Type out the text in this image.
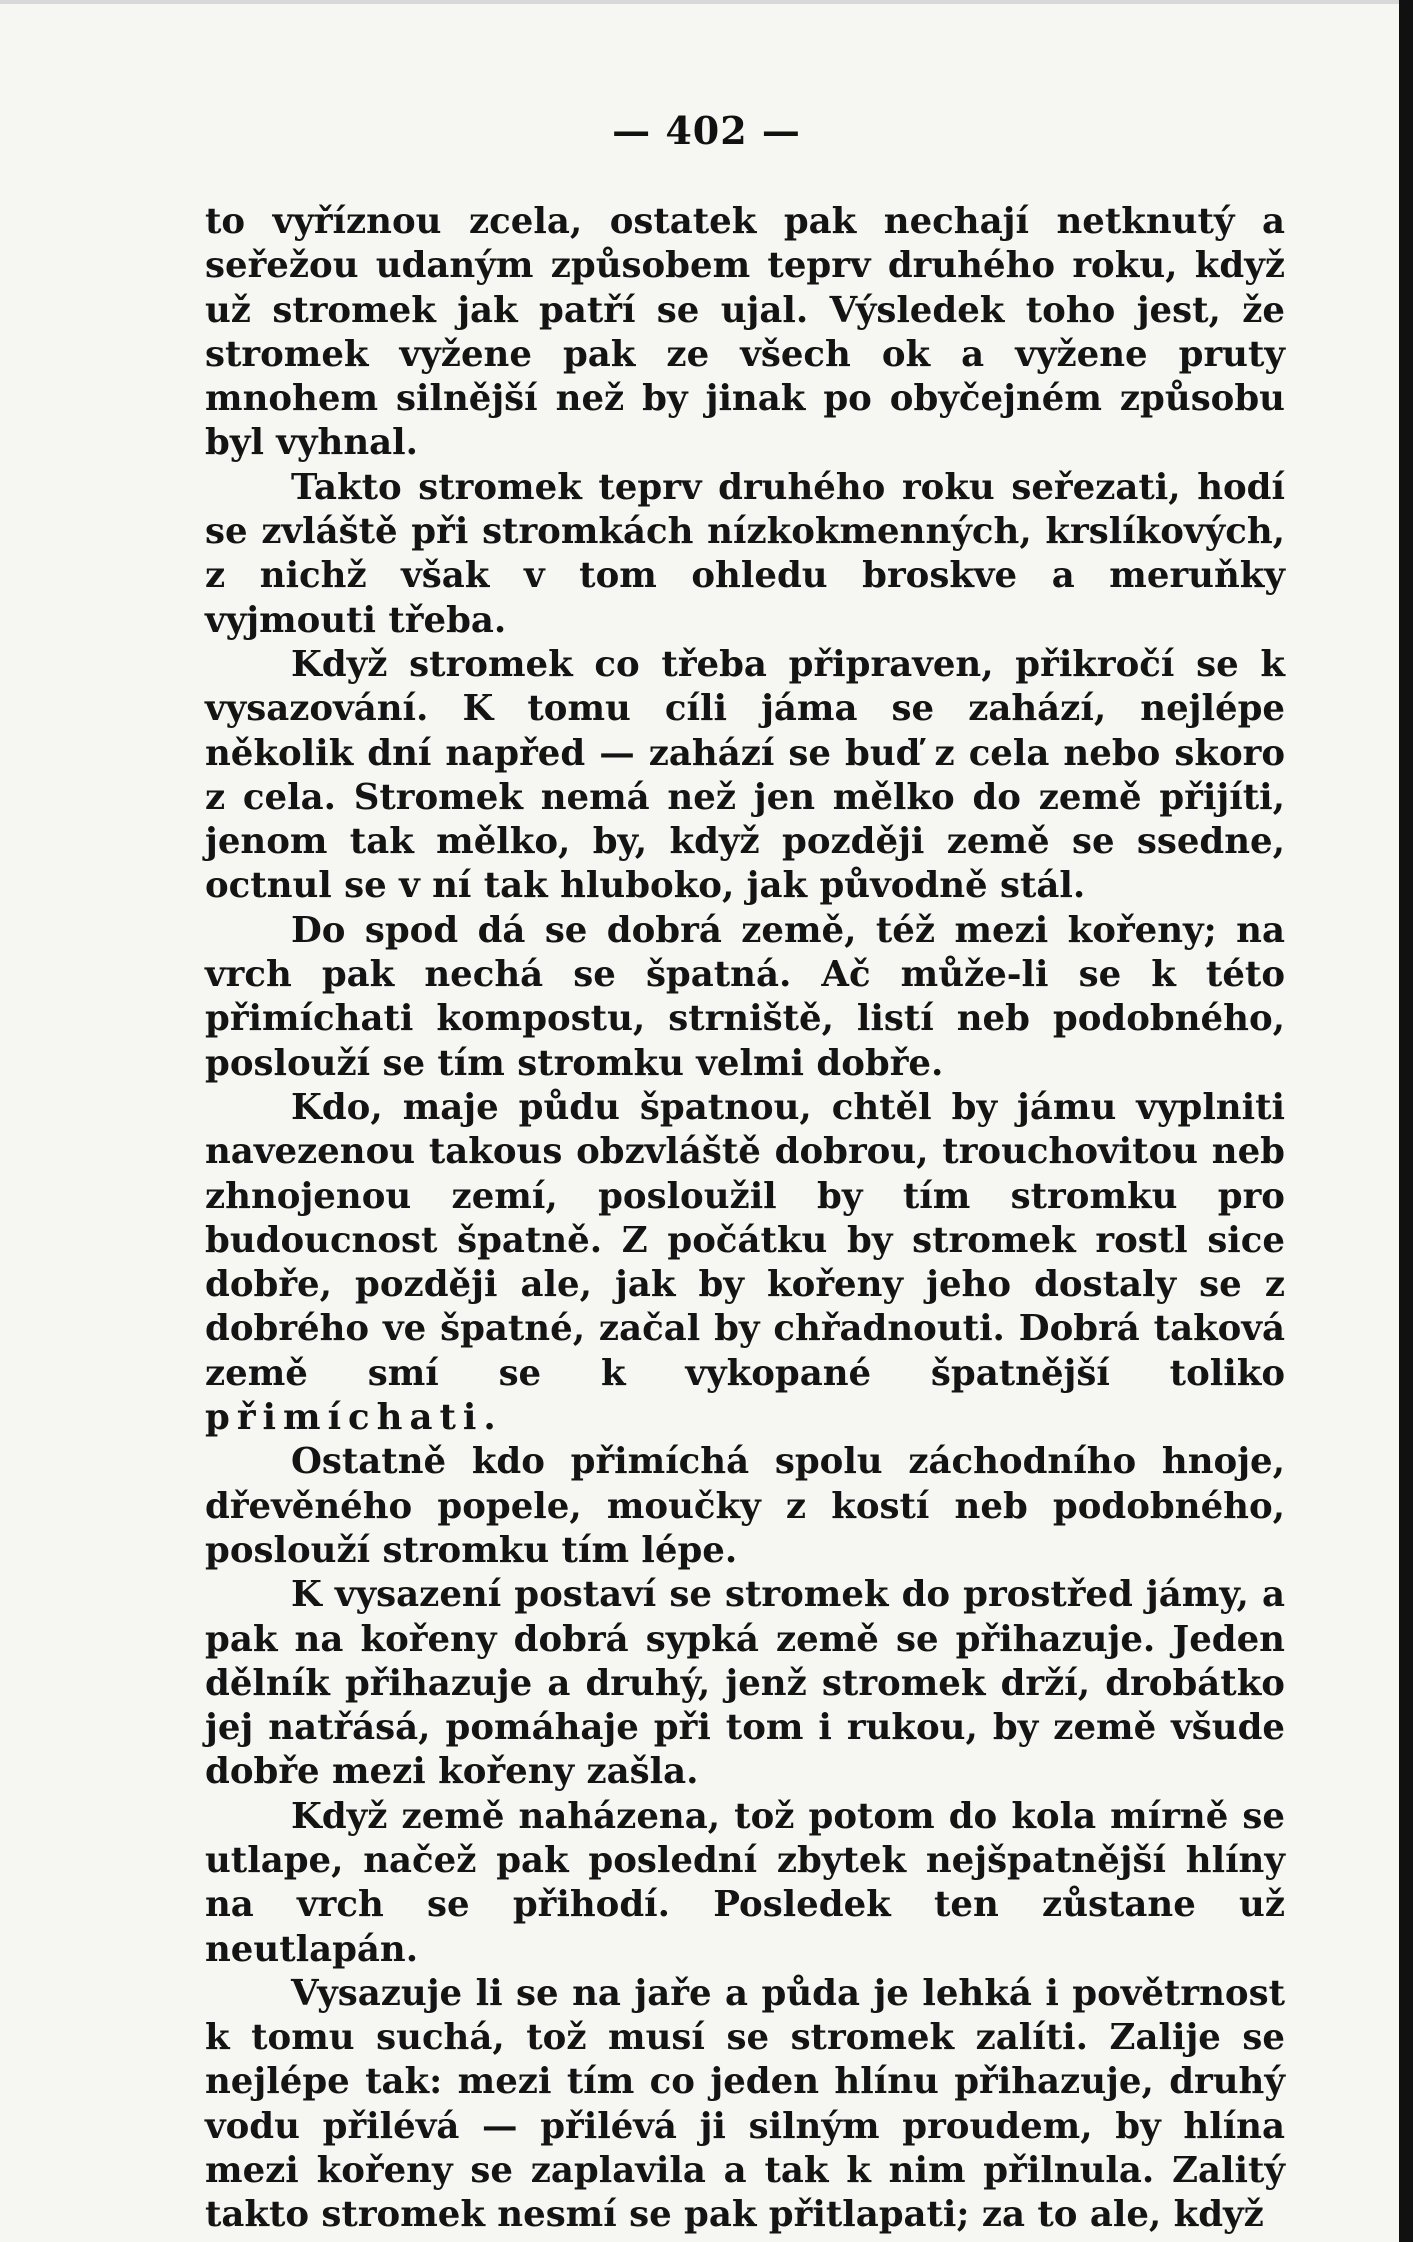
— 402 —

to vyříznou zcela, ostatek pak nechají netknutý a seřežou udaným způsobem teprv druhého roku, když už stromek jak patří se ujal. Výsledek toho jest, že stromek vyžene pak ze všech ok a vyžene pruty mnohem silnější než by jinak po obyčejném způsobu byl vyhnal.

Takto stromek teprv druhého roku seřezati, hodí se zvláště při stromkách nízkokmenných, krslíkových, z nichž však v tom ohledu broskve a meruňky vyjmouti třeba.

Když stromek co třeba připraven, přikročí se k vysazování. K tomu cíli jáma se zahází, nejlépe několik dní napřed — zahází se buď z cela nebo skoro z cela. Stromek nemá než jen mělko do země přijíti, jenom tak mělko, by, když později země se ssedne, octnul se v ní tak hluboko, jak původně stál.

Do spod dá se dobrá země, též mezi kořeny; na vrch pak nechá se špatná. Ač může-li se k této přimíchati kompostu, strniště, listí neb podobného, poslouží se tím stromku velmi dobře.

Kdo, maje půdu špatnou, chtěl by jámu vyplniti navezenou takous obzvláště dobrou, trouchovitou neb zhnojenou zemí, posloužil by tím stromku pro budoucnost špatně. Z počátku by stromek rostl sice dobře, později ale, jak by kořeny jeho dostaly se z dobrého ve špatné, začal by chřadnouti. Dobrá taková země smí se k vykopané špatnější toliko přimíchati.

Ostatně kdo přimíchá spolu záchodního hnoje, dřevěného popele, moučky z kostí neb podobného, poslouží stromku tím lépe.

K vysazení postaví se stromek do prostřed jámy, a pak na kořeny dobrá sypká země se přihazuje. Jeden dělník přihazuje a druhý, jenž stromek drží, drobátko jej natřásá, pomáhaje při tom i rukou, by země všude dobře mezi kořeny zašla.

Když země naházena, tož potom do kola mírně se utlape, načež pak poslední zbytek nejšpatnější hlíny na vrch se přihodí. Posledek ten zůstane už neutlapán.

Vysazuje li se na jaře a půda je lehká i povětrnost k tomu suchá, tož musí se stromek zalíti. Zalije se nejlépe tak: mezi tím co jeden hlínu přihazuje, druhý vodu přilévá — přilévá ji silným proudem, by hlína mezi kořeny se zaplavila a tak k nim přilnula. Zalitý takto stromek nesmí se pak přitlapati; za to ale, když
